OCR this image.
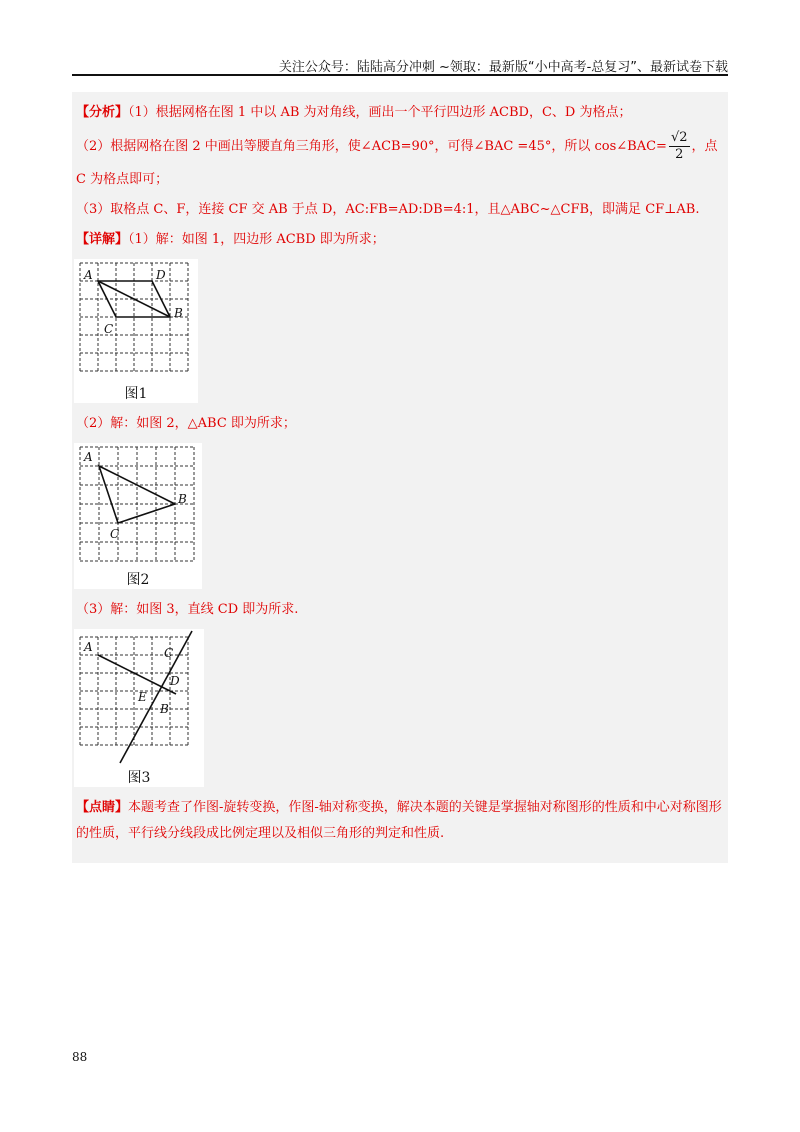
关注公众号：陆陆高分冲刺 ~领取：最新版“小中高考-总复习”、最新试卷下载
【分析】（1）根据网格在图 1 中以 AB 为对角线，画出一个平行四边形 ACBD，C、D 为格点；
（2）根据网格在图 2 中画出等腰直角三角形，使∠ACB=90°，可得∠BAC =45°，所以 cos∠BAC= $\frac{√2}{2}$ ，点
C 为格点即可；
（3）取格点 C、F，连接 CF 交 AB 于点 D，AC:FB=AD:DB=4:1，且△ABC~△CFB，即满足 CF⊥AB.
【详解】（1）解：如图 1，四边形 ACBD 即为所求；
A	D
B
C
图1
（2）解：如图 2，△ABC 即为所求；
A
B
C
图2
（3）解：如图 3，直线 CD 即为所求.
A	C
D
E
B
图3
【点睛】本题考查了作图-旋转变换，作图-轴对称变换，解决本题的关键是掌握轴对称图形的性质和中心对称图形的性质，平行线分线段成比例定理以及相似三角形的判定和性质.
88
